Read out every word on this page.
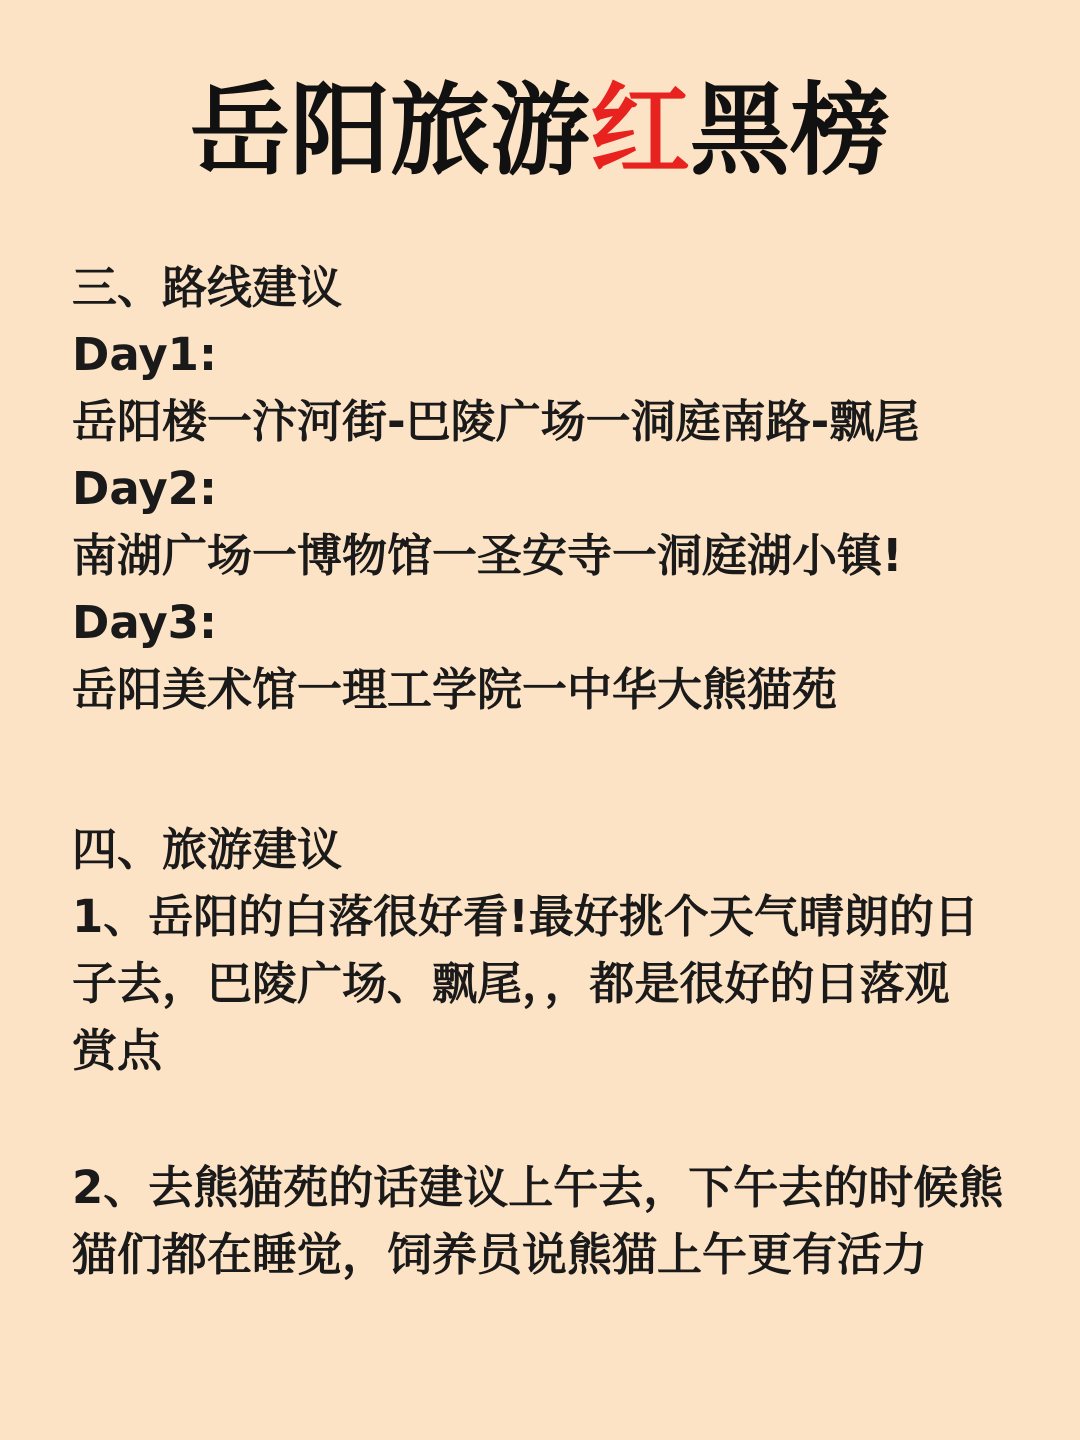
岳阳旅游红黑榜
三、路线建议
Day1:
岳阳楼一汴河街-巴陵广场一洞庭南路-飘尾
Day2:
南湖广场一博物馆一圣安寺一洞庭湖小镇!
Day3:
岳阳美术馆一理工学院一中华大熊猫苑
四、旅游建议
1、岳阳的白落很好看!最好挑个天气晴朗的日
子去，巴陵广场、飘尾，，都是很好的日落观
赏点
2、去熊猫苑的话建议上午去，下午去的时候熊
猫们都在睡觉，饲养员说熊猫上午更有活力
